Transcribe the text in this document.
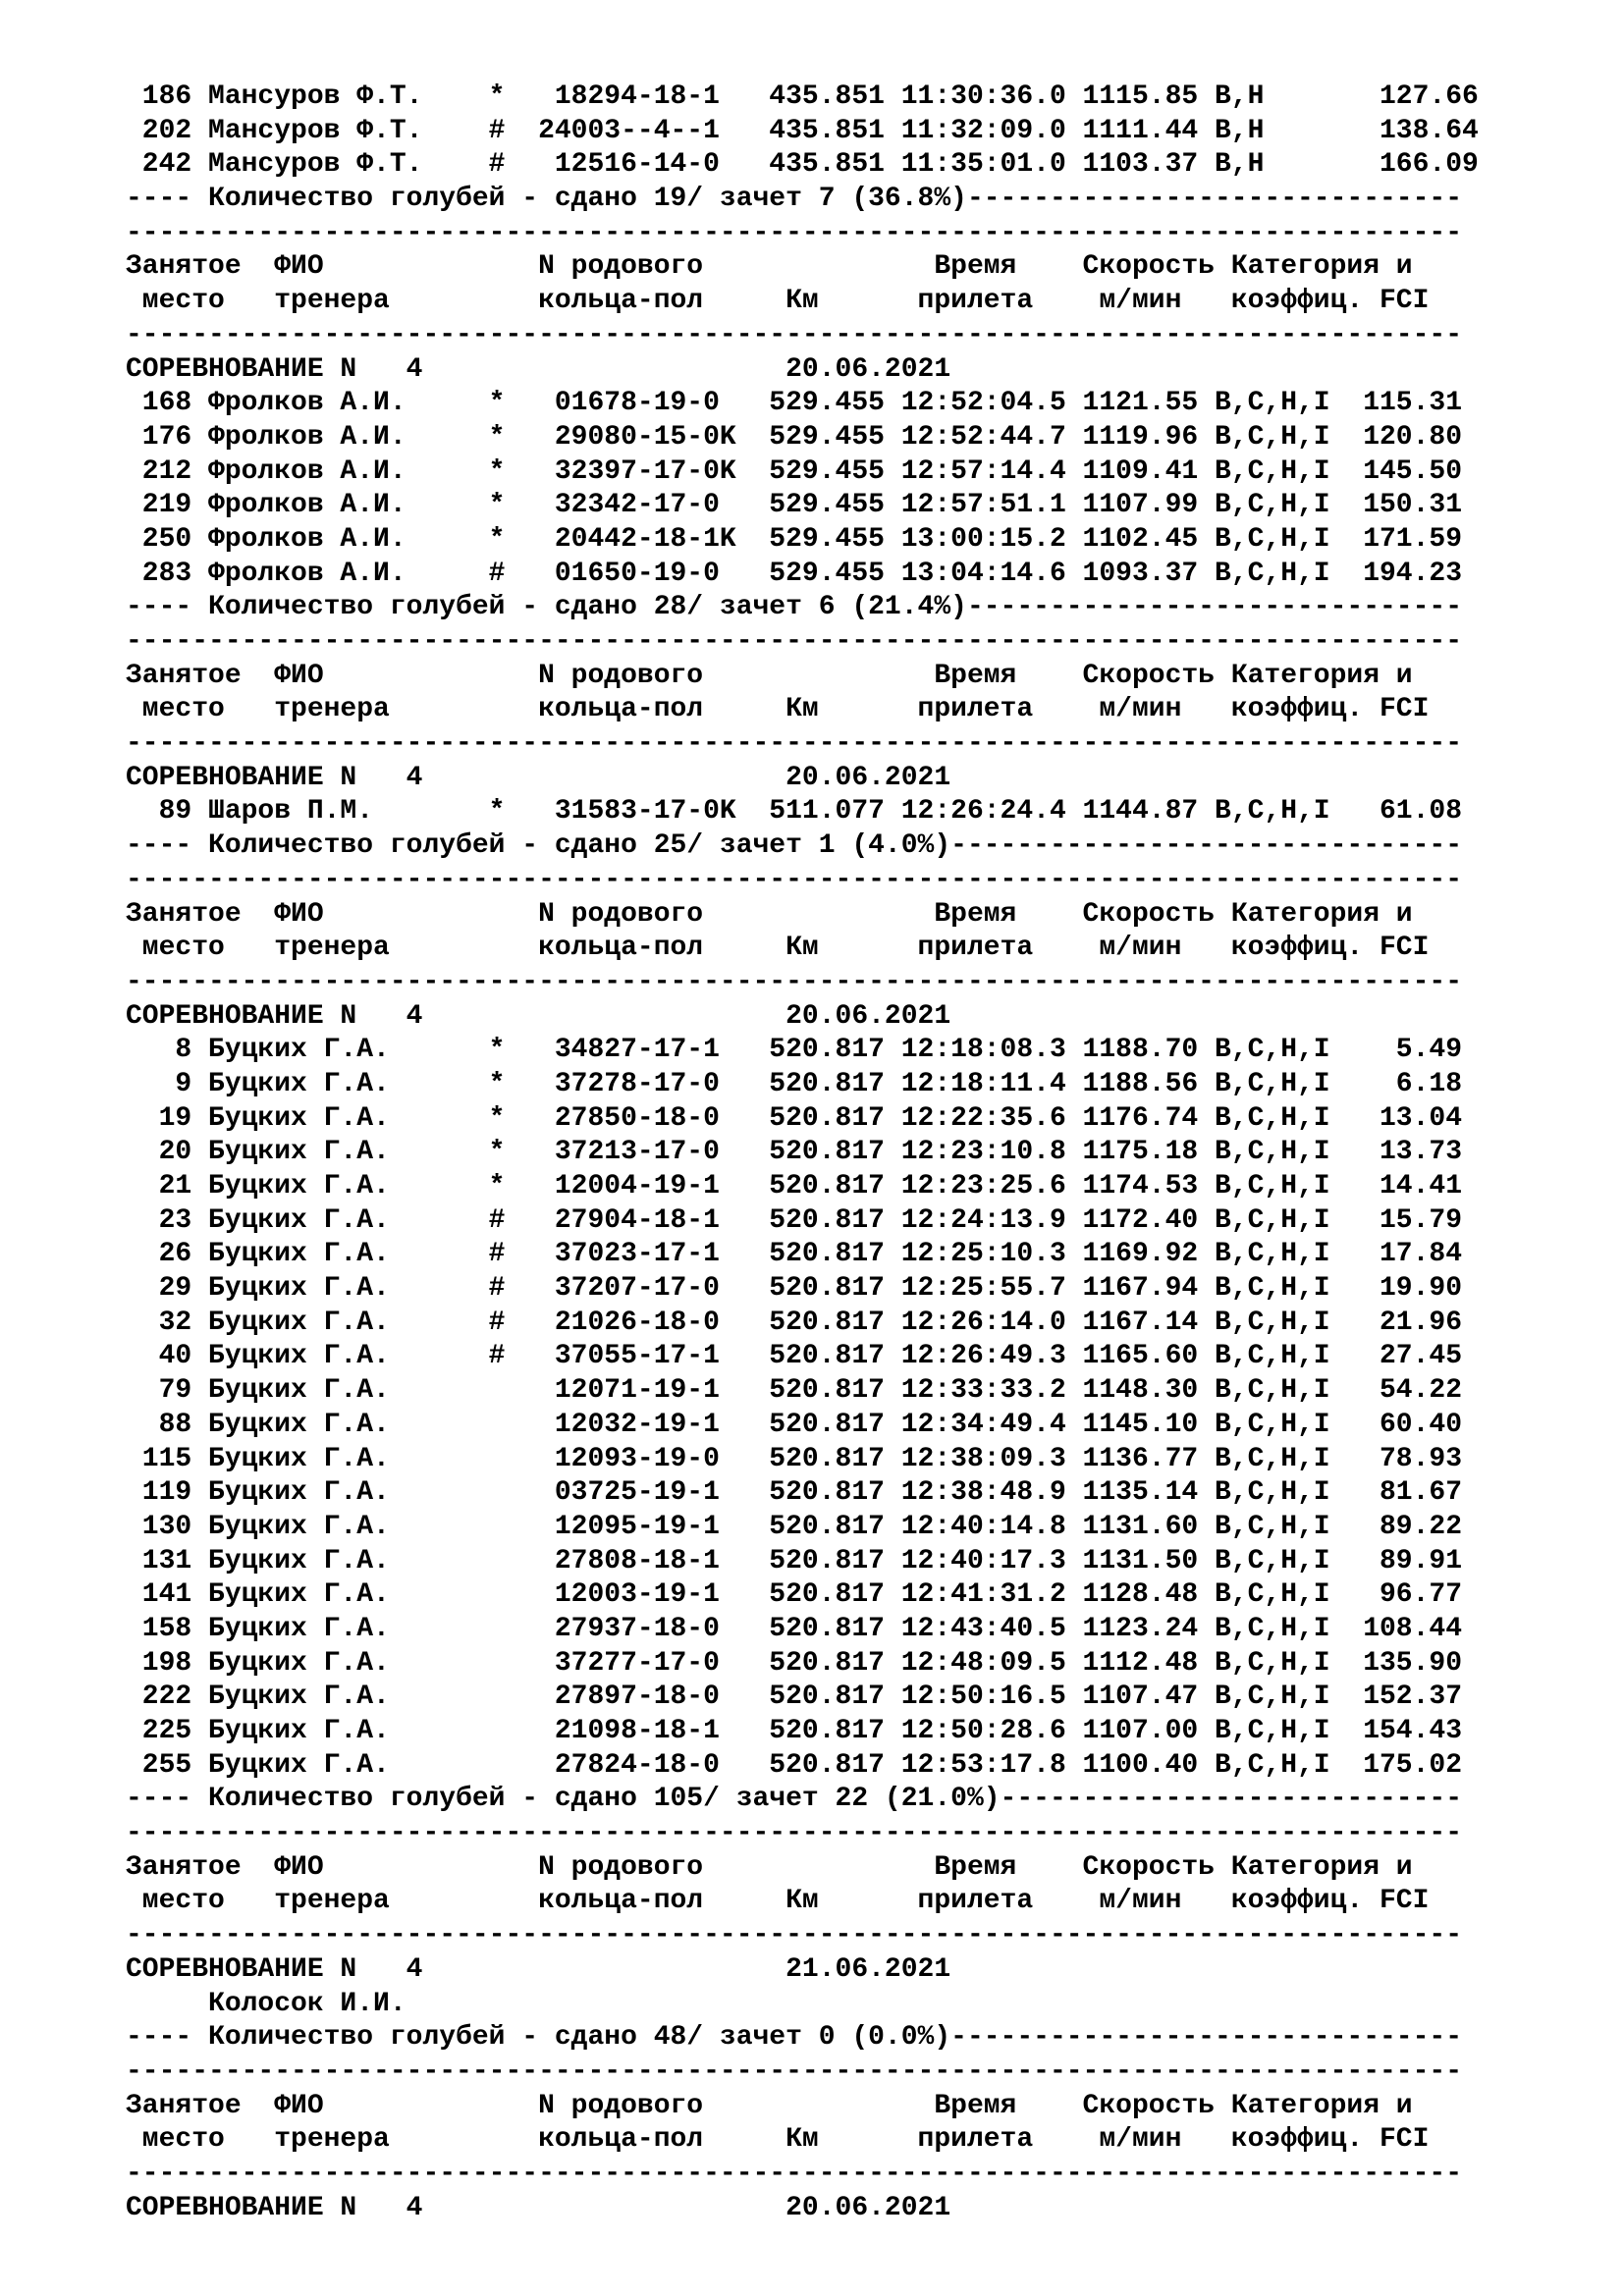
186 Мансуров Ф.Т.    *   18294-18-1   435.851 11:30:36.0 1115.85 B,H       127.66
202 Мансуров Ф.Т.    #  24003--4--1   435.851 11:32:09.0 1111.44 B,H       138.64
242 Мансуров Ф.Т.    #   12516-14-0   435.851 11:35:01.0 1103.37 B,H       166.09
---- Количество голубей - сдано 19/ зачет 7 (36.8%)------------------------------
---------------------------------------------------------------------------------
Занятое  ФИО             N родового              Время    Скорость Категория и
место   тренера         кольца-пол     Км      прилета    м/мин   коэффиц. FCI
---------------------------------------------------------------------------------
СОРЕВНОВАНИЕ N   4                      20.06.2021
168 Фролков А.И.     *   01678-19-0   529.455 12:52:04.5 1121.55 B,C,H,I  115.31
176 Фролков А.И.     *   29080-15-0K  529.455 12:52:44.7 1119.96 B,C,H,I  120.80
212 Фролков А.И.     *   32397-17-0K  529.455 12:57:14.4 1109.41 B,C,H,I  145.50
219 Фролков А.И.     *   32342-17-0   529.455 12:57:51.1 1107.99 B,C,H,I  150.31
250 Фролков А.И.     *   20442-18-1K  529.455 13:00:15.2 1102.45 B,C,H,I  171.59
283 Фролков А.И.     #   01650-19-0   529.455 13:04:14.6 1093.37 B,C,H,I  194.23
---- Количество голубей - сдано 28/ зачет 6 (21.4%)------------------------------
---------------------------------------------------------------------------------
Занятое  ФИО             N родового              Время    Скорость Категория и
место   тренера         кольца-пол     Км      прилета    м/мин   коэффиц. FCI
---------------------------------------------------------------------------------
СОРЕВНОВАНИЕ N   4                      20.06.2021
89 Шаров П.М.       *   31583-17-0K  511.077 12:26:24.4 1144.87 B,C,H,I   61.08
---- Количество голубей - сдано 25/ зачет 1 (4.0%)-------------------------------
---------------------------------------------------------------------------------
Занятое  ФИО             N родового              Время    Скорость Категория и
место   тренера         кольца-пол     Км      прилета    м/мин   коэффиц. FCI
---------------------------------------------------------------------------------
СОРЕВНОВАНИЕ N   4                      20.06.2021
8 Буцких Г.А.      *   34827-17-1   520.817 12:18:08.3 1188.70 B,C,H,I    5.49
9 Буцких Г.А.      *   37278-17-0   520.817 12:18:11.4 1188.56 B,C,H,I    6.18
19 Буцких Г.А.      *   27850-18-0   520.817 12:22:35.6 1176.74 B,C,H,I   13.04
20 Буцких Г.А.      *   37213-17-0   520.817 12:23:10.8 1175.18 B,C,H,I   13.73
21 Буцких Г.А.      *   12004-19-1   520.817 12:23:25.6 1174.53 B,C,H,I   14.41
23 Буцких Г.А.      #   27904-18-1   520.817 12:24:13.9 1172.40 B,C,H,I   15.79
26 Буцких Г.А.      #   37023-17-1   520.817 12:25:10.3 1169.92 B,C,H,I   17.84
29 Буцких Г.А.      #   37207-17-0   520.817 12:25:55.7 1167.94 B,C,H,I   19.90
32 Буцких Г.А.      #   21026-18-0   520.817 12:26:14.0 1167.14 B,C,H,I   21.96
40 Буцких Г.А.      #   37055-17-1   520.817 12:26:49.3 1165.60 B,C,H,I   27.45
79 Буцких Г.А.          12071-19-1   520.817 12:33:33.2 1148.30 B,C,H,I   54.22
88 Буцких Г.А.          12032-19-1   520.817 12:34:49.4 1145.10 B,C,H,I   60.40
115 Буцких Г.А.          12093-19-0   520.817 12:38:09.3 1136.77 B,C,H,I   78.93
119 Буцких Г.А.          03725-19-1   520.817 12:38:48.9 1135.14 B,C,H,I   81.67
130 Буцких Г.А.          12095-19-1   520.817 12:40:14.8 1131.60 B,C,H,I   89.22
131 Буцких Г.А.          27808-18-1   520.817 12:40:17.3 1131.50 B,C,H,I   89.91
141 Буцких Г.А.          12003-19-1   520.817 12:41:31.2 1128.48 B,C,H,I   96.77
158 Буцких Г.А.          27937-18-0   520.817 12:43:40.5 1123.24 B,C,H,I  108.44
198 Буцких Г.А.          37277-17-0   520.817 12:48:09.5 1112.48 B,C,H,I  135.90
222 Буцких Г.А.          27897-18-0   520.817 12:50:16.5 1107.47 B,C,H,I  152.37
225 Буцких Г.А.          21098-18-1   520.817 12:50:28.6 1107.00 B,C,H,I  154.43
255 Буцких Г.А.          27824-18-0   520.817 12:53:17.8 1100.40 B,C,H,I  175.02
---- Количество голубей - сдано 105/ зачет 22 (21.0%)----------------------------
---------------------------------------------------------------------------------
Занятое  ФИО             N родового              Время    Скорость Категория и
место   тренера         кольца-пол     Км      прилета    м/мин   коэффиц. FCI
---------------------------------------------------------------------------------
СОРЕВНОВАНИЕ N   4                      21.06.2021
Колосок И.И.
---- Количество голубей - сдано 48/ зачет 0 (0.0%)-------------------------------
---------------------------------------------------------------------------------
Занятое  ФИО             N родового              Время    Скорость Категория и
место   тренера         кольца-пол     Км      прилета    м/мин   коэффиц. FCI
---------------------------------------------------------------------------------
СОРЕВНОВАНИЕ N   4                      20.06.2021
